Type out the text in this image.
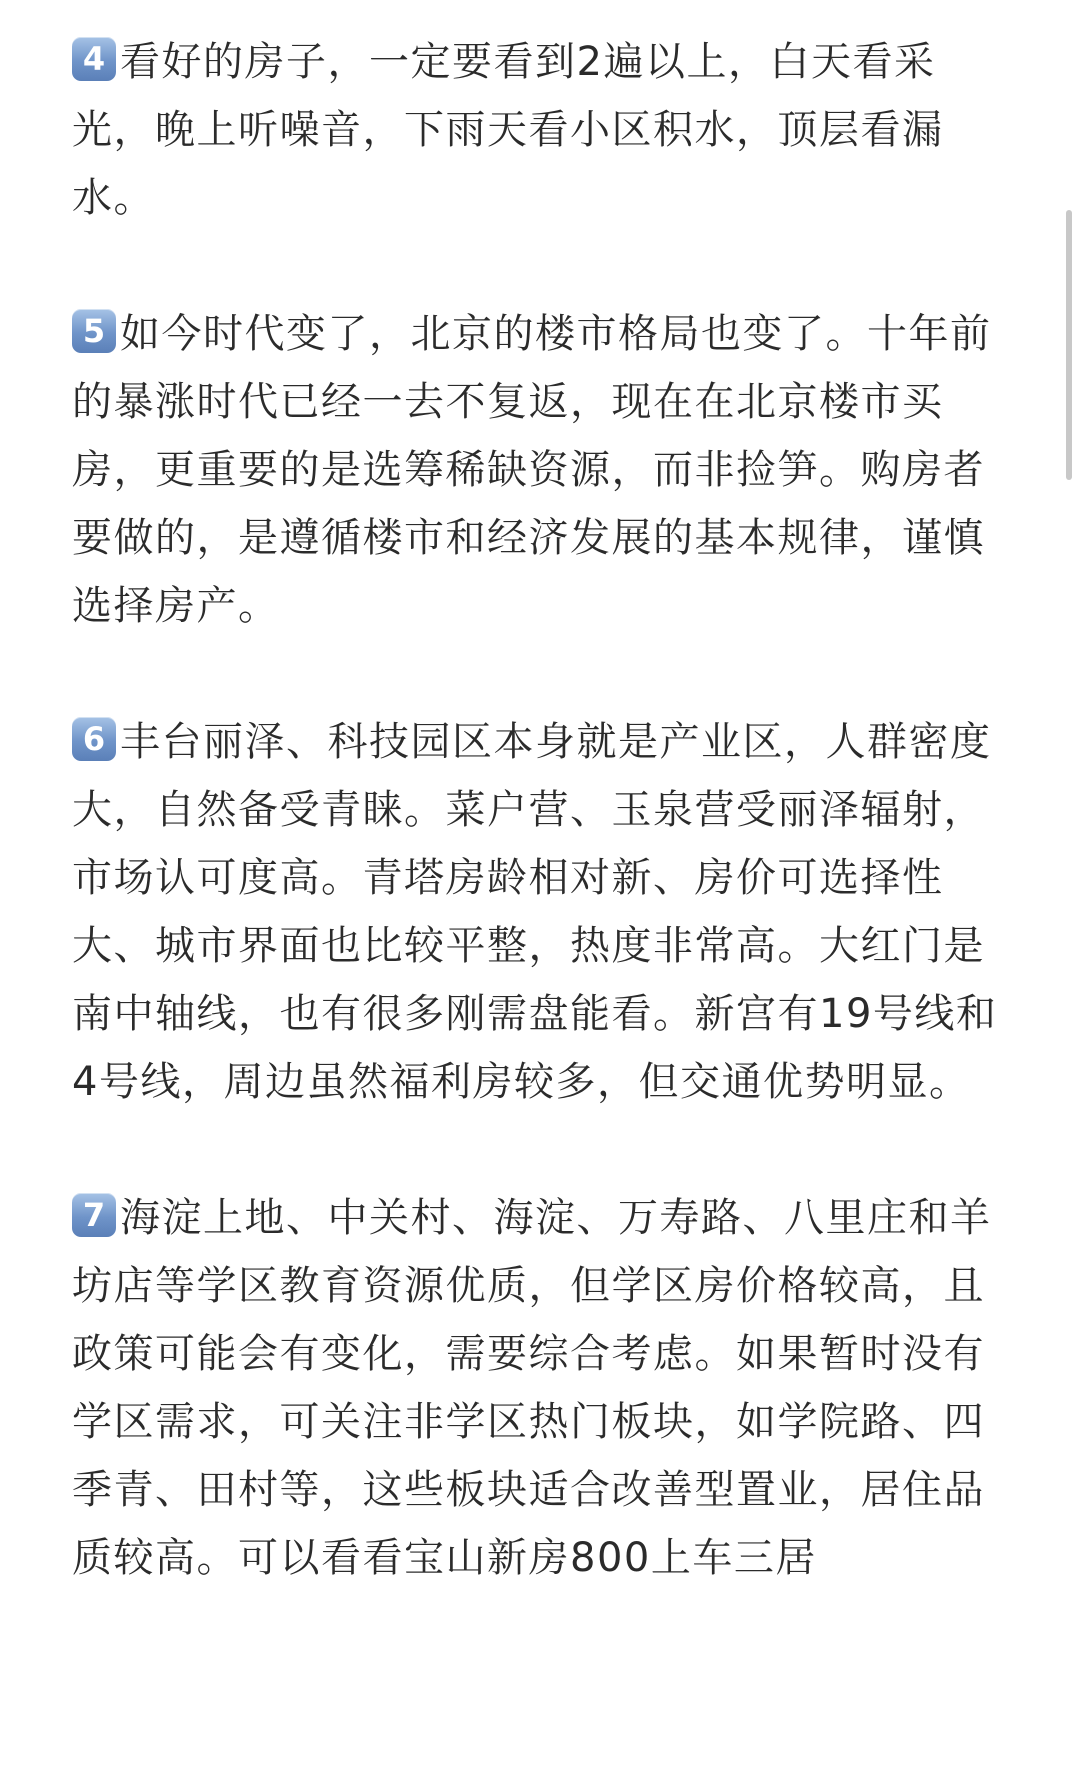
4 看好的房子，一定要看到2遍以上，白天看采光，晚上听噪音，下雨天看小区积水，顶层看漏水。

5 如今时代变了，北京的楼市格局也变了。十年前的暴涨时代已经一去不复返，现在在北京楼市买房，更重要的是选筹稀缺资源，而非捡笋。购房者要做的，是遵循楼市和经济发展的基本规律，谨慎选择房产。

6 丰台丽泽、科技园区本身就是产业区，人群密度大，自然备受青睐。菜户营、玉泉营受丽泽辐射，市场认可度高。青塔房龄相对新、房价可选择性大、城市界面也比较平整，热度非常高。大红门是南中轴线，也有很多刚需盘能看。新宫有19号线和4号线，周边虽然福利房较多，但交通优势明显。

7 海淀上地、中关村、海淀、万寿路、八里庄和羊坊店等学区教育资源优质，但学区房价格较高，且政策可能会有变化，需要综合考虑。如果暂时没有学区需求，可关注非学区热门板块，如学院路、四季青、田村等，这些板块适合改善型置业，居住品质较高。可以看看宝山新房800上车三居
